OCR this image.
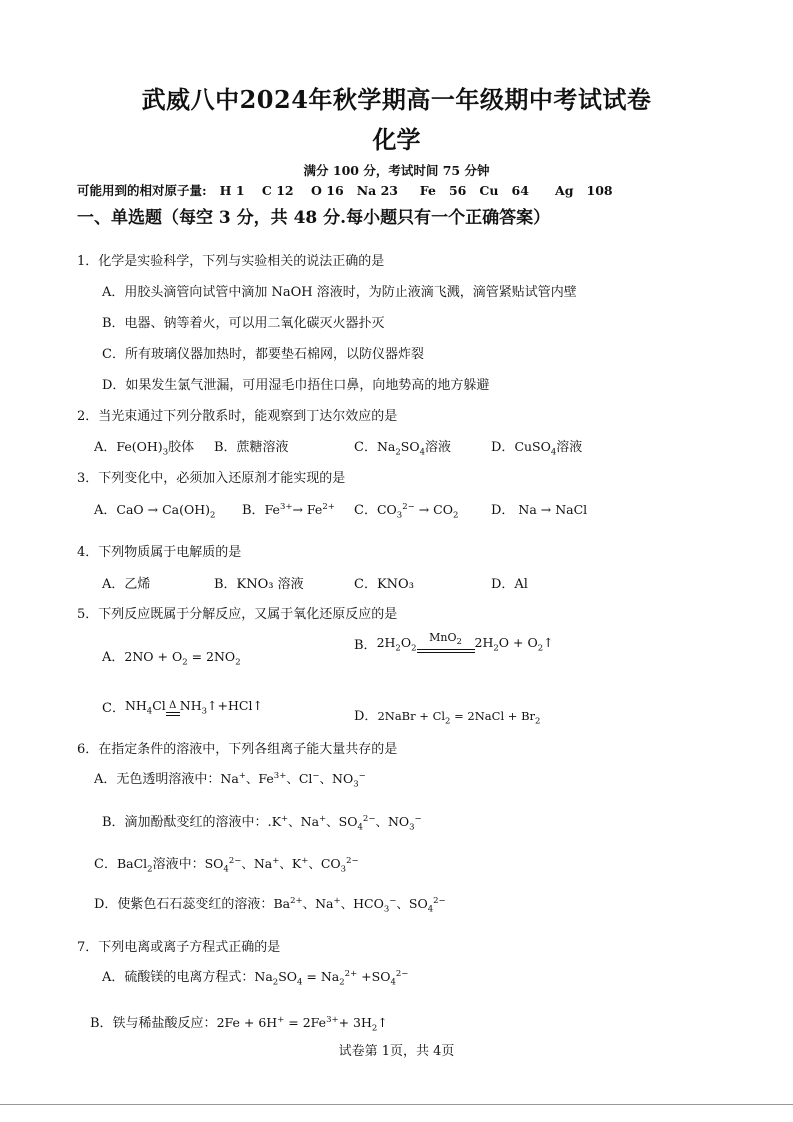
武威八中2024年秋学期高一年级期中考试试卷
化学
满分 100 分，考试时间 75 分钟
可能用到的相对原子量:   H 1    C 12    O 16   Na 23     Fe   56   Cu   64      Ag   108
一、单选题（每空 3 分，共 48 分.每小题只有一个正确答案）
1．化学是实验科学，下列与实验相关的说法正确的是
A．用胶头滴管向试管中滴加 NaOH 溶液时，为防止液滴飞溅，滴管紧贴试管内壁
B．电器、钠等着火，可以用二氧化碳灭火器扑灭
C．所有玻璃仪器加热时，都要垫石棉网，以防仪器炸裂
D．如果发生氯气泄漏，可用湿毛巾捂住口鼻，向地势高的地方躲避
2．当光束通过下列分散系时，能观察到丁达尔效应的是
A．$Fe(OH)_3$胶体 B．蔗糖溶液	C．$Na_2SO_4$溶液	D．CuSO$_4$溶液
3．下列变化中，必须加入还原剂才能实现的是
A．CaO → $Ca(OH)_2$ B．$Fe^{3+}\to Fe^{2+}$ C．$CO_3^{2-} \to CO_2$	D． Na → NaCl
4．下列物质属于电解质的是
A．乙烯	B．KNO₃ 溶液	C．KNO₃	D．Al
5．下列反应既属于分解反应，又属于氧化还原反应的是
A．$2NO + O_2 = 2NO_2$
B．$2H_2O_2$
MnO$_2$	$2H_2O$ + $O_2↑$
C．$NH_4Cl$ Δ $NH_3↑+HCl↑$
D．2NaBr + $Cl_2$ = 2NaCl + $Br_2$
6．在指定条件的溶液中，下列各组离子能大量共存的是
A．无色透明溶液中：Na+、$Fe^{3+}$、Cl−、$NO_3^-$
B．滴加酚酞变红的溶液中：.K+、Na+、$SO_4^{2-}$、$NO_3^-$
C．BaCl$_2$溶液中：$SO_4^{2-}$、Na+、K+、$CO_3^{2-}$
D．使紫色石石蕊变红的溶液：$Ba^{2+}$、Na+、$HCO_3^-$、$SO_4^{2-}$
7．下列电离或离子方程式正确的是
A．硫酸镁的电离方程式：$Na_2SO_4 = Na_2^{2+} +SO_4^{2-}$
B．铁与稀盐酸反应：$2Fe + 6H^+ = 2Fe^{3+}+$ $3H_2↑$
试卷第 1页，共 4页
